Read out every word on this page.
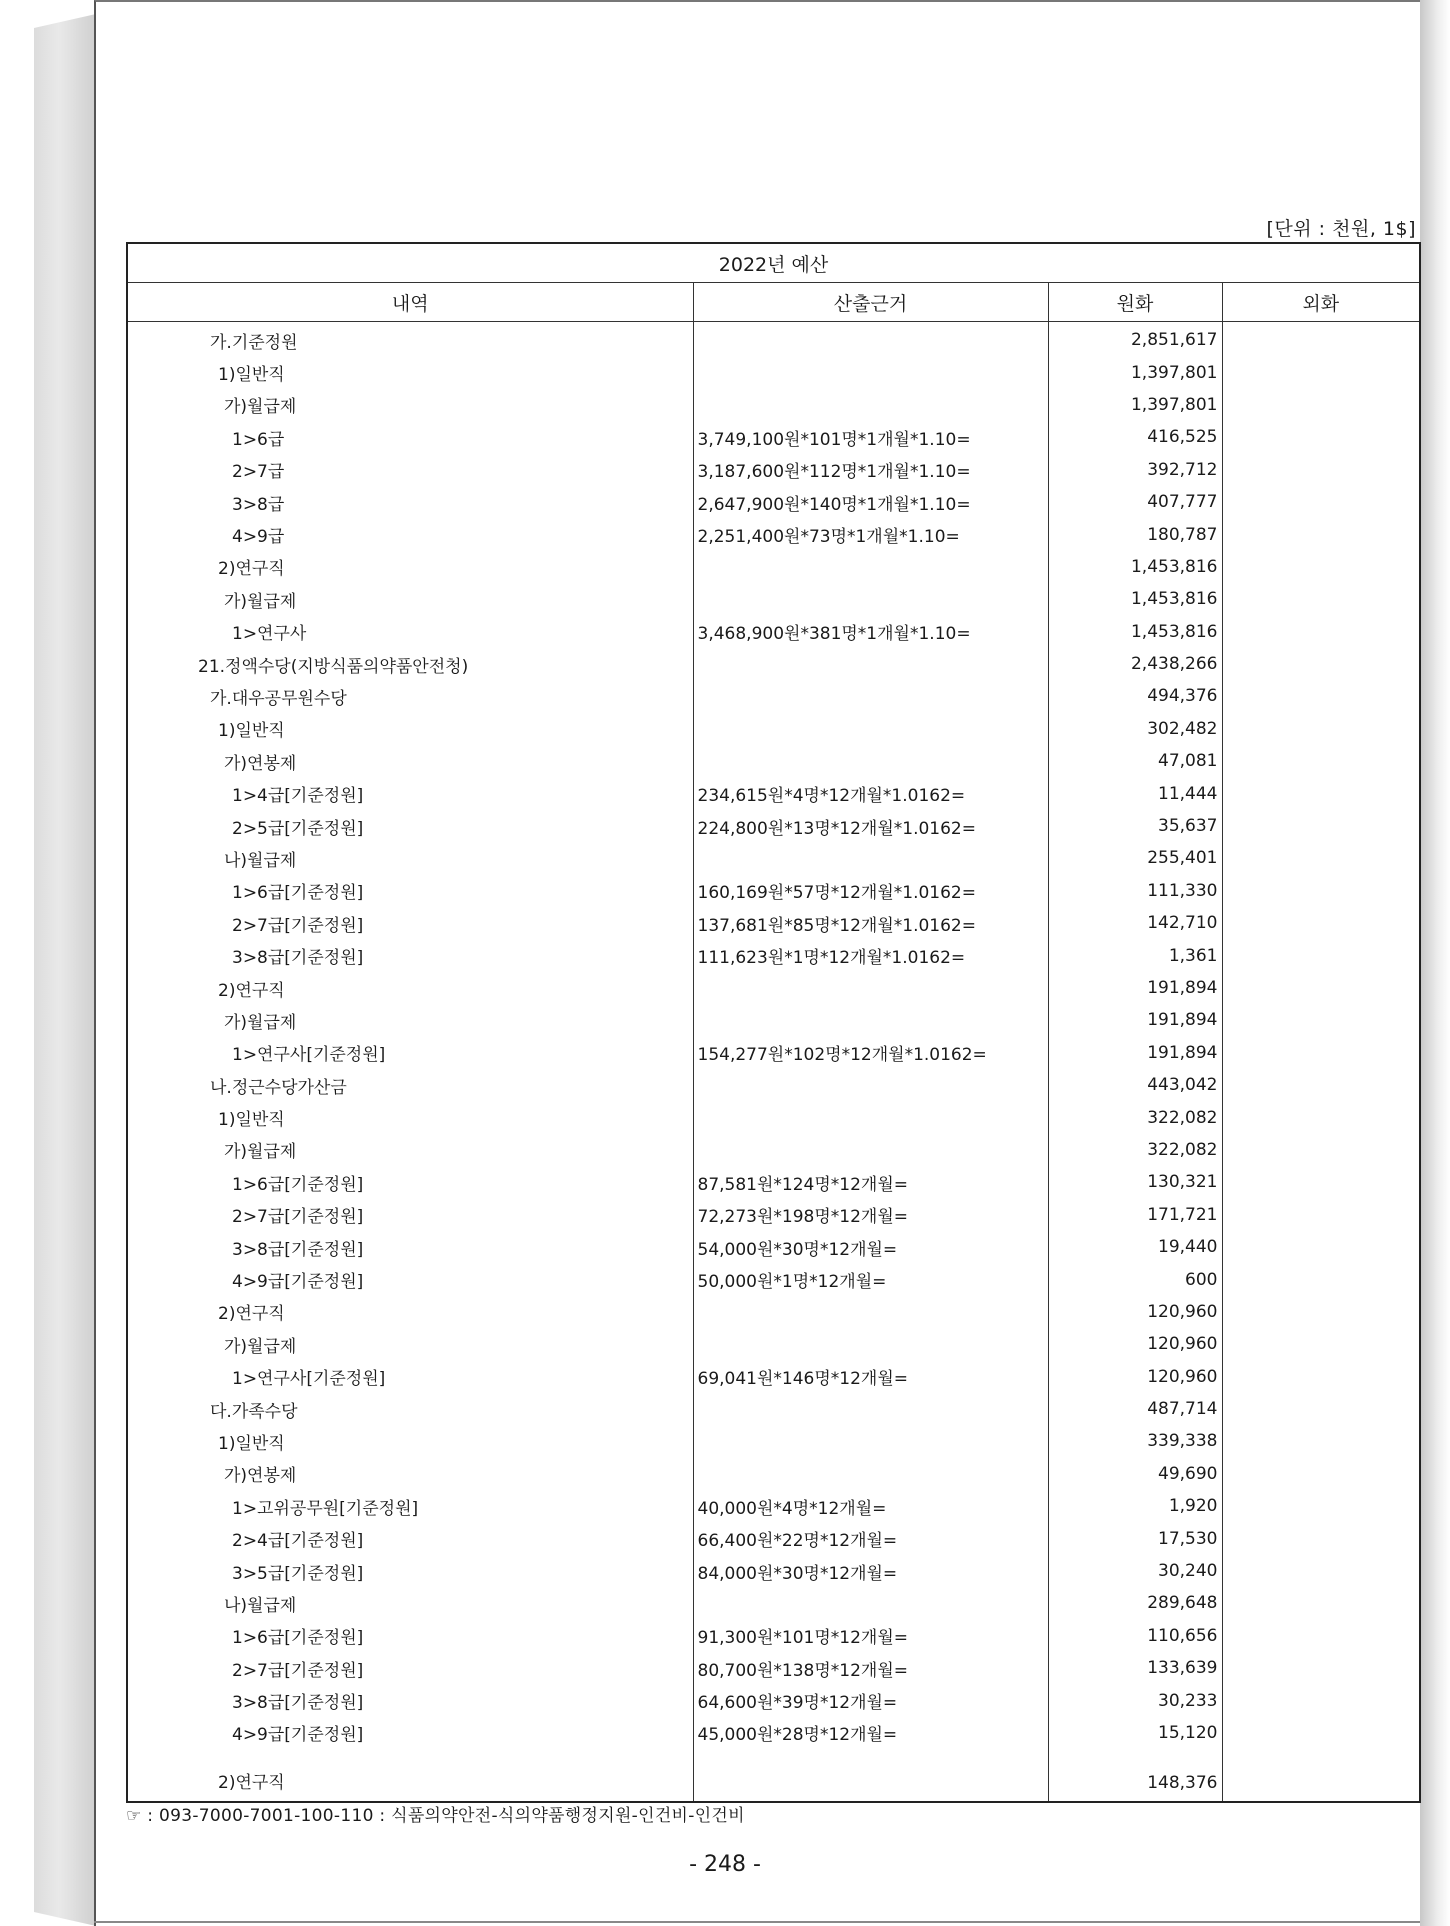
[단위 : 천원, 1$]
2022년 예산			
내역	산출근거	원화	외화
가.기준정원		2,851,617	
1)일반직		1,397,801	
가)월급제		1,397,801	
1>6급	3,749,100원*101명*1개월*1.10=	416,525	
2>7급	3,187,600원*112명*1개월*1.10=	392,712	
3>8급	2,647,900원*140명*1개월*1.10=	407,777	
4>9급	2,251,400원*73명*1개월*1.10=	180,787	
2)연구직		1,453,816	
가)월급제		1,453,816	
1>연구사	3,468,900원*381명*1개월*1.10=	1,453,816	
21.정액수당(지방식품의약품안전청)		2,438,266	
가.대우공무원수당		494,376	
1)일반직		302,482	
가)연봉제		47,081	
1>4급[기준정원]	234,615원*4명*12개월*1.0162=	11,444	
2>5급[기준정원]	224,800원*13명*12개월*1.0162=	35,637	
나)월급제		255,401	
1>6급[기준정원]	160,169원*57명*12개월*1.0162=	111,330	
2>7급[기준정원]	137,681원*85명*12개월*1.0162=	142,710	
3>8급[기준정원]	111,623원*1명*12개월*1.0162=	1,361	
2)연구직		191,894	
가)월급제		191,894	
1>연구사[기준정원]	154,277원*102명*12개월*1.0162=	191,894	
나.정근수당가산금		443,042	
1)일반직		322,082	
가)월급제		322,082	
1>6급[기준정원]	87,581원*124명*12개월=	130,321	
2>7급[기준정원]	72,273원*198명*12개월=	171,721	
3>8급[기준정원]	54,000원*30명*12개월=	19,440	
4>9급[기준정원]	50,000원*1명*12개월=	600	
2)연구직		120,960	
가)월급제		120,960	
1>연구사[기준정원]	69,041원*146명*12개월=	120,960	
다.가족수당		487,714	
1)일반직		339,338	
가)연봉제		49,690	
1>고위공무원[기준정원]	40,000원*4명*12개월=	1,920	
2>4급[기준정원]	66,400원*22명*12개월=	17,530	
3>5급[기준정원]	84,000원*30명*12개월=	30,240	
나)월급제		289,648	
1>6급[기준정원]	91,300원*101명*12개월=	110,656	
2>7급[기준정원]	80,700원*138명*12개월=	133,639	
3>8급[기준정원]	64,600원*39명*12개월=	30,233	
4>9급[기준정원]	45,000원*28명*12개월=	15,120	
2)연구직		148,376	
☞ : 093-7000-7001-100-110 : 식품의약안전-식의약품행정지원-인건비-인건비
- 248 -
